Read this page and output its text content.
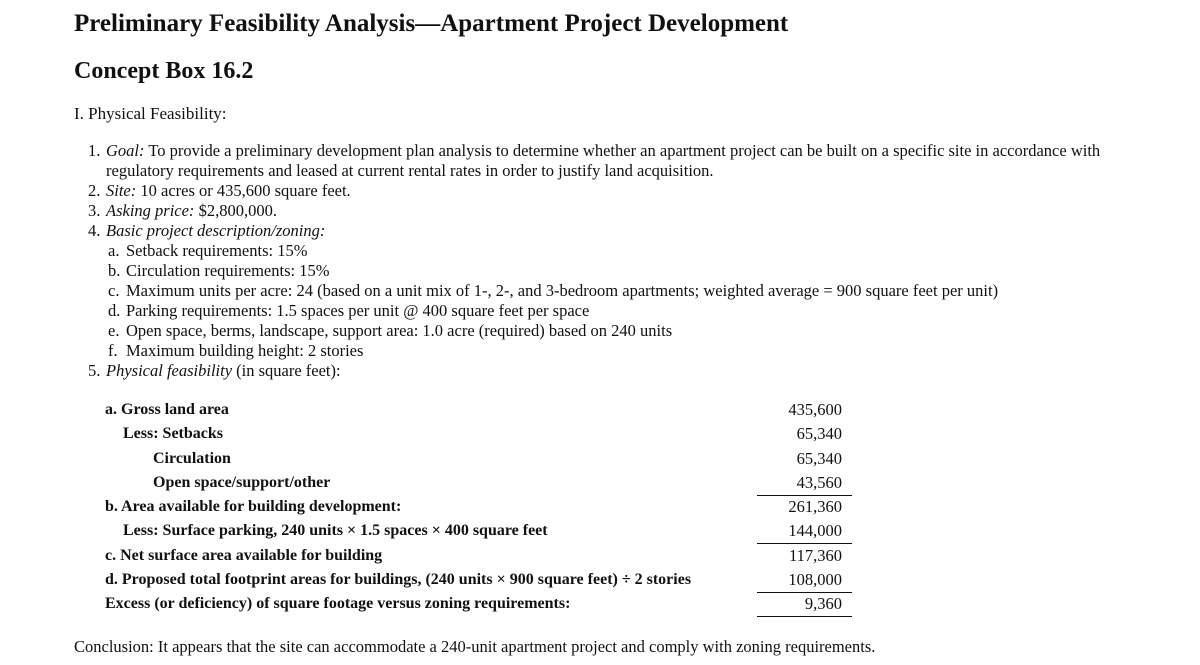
Preliminary Feasibility Analysis—Apartment Project Development
Concept Box 16.2
I. Physical Feasibility:
1. Goal: To provide a preliminary development plan analysis to determine whether an apartment project can be built on a specific site in accordance with regulatory requirements and leased at current rental rates in order to justify land acquisition.
2. Site: 10 acres or 435,600 square feet.
3. Asking price: $2,800,000.
4. Basic project description/zoning:
a. Setback requirements: 15%
b. Circulation requirements: 15%
c. Maximum units per acre: 24 (based on a unit mix of 1-, 2-, and 3-bedroom apartments; weighted average = 900 square feet per unit)
d. Parking requirements: 1.5 spaces per unit @ 400 square feet per space
e. Open space, berms, landscape, support area: 1.0 acre (required) based on 240 units
f. Maximum building height: 2 stories
5. Physical feasibility (in square feet):
a. Gross land area	435,600
Less: Setbacks	65,340
Circulation	65,340
Open space/support/other	43,560
b. Area available for building development:	261,360
Less: Surface parking, 240 units × 1.5 spaces × 400 square feet	144,000
c. Net surface area available for building	117,360
d. Proposed total footprint areas for buildings, (240 units × 900 square feet) ÷ 2 stories	108,000
Excess (or deficiency) of square footage versus zoning requirements:	9,360
Conclusion: It appears that the site can accommodate a 240-unit apartment project and comply with zoning requirements.
